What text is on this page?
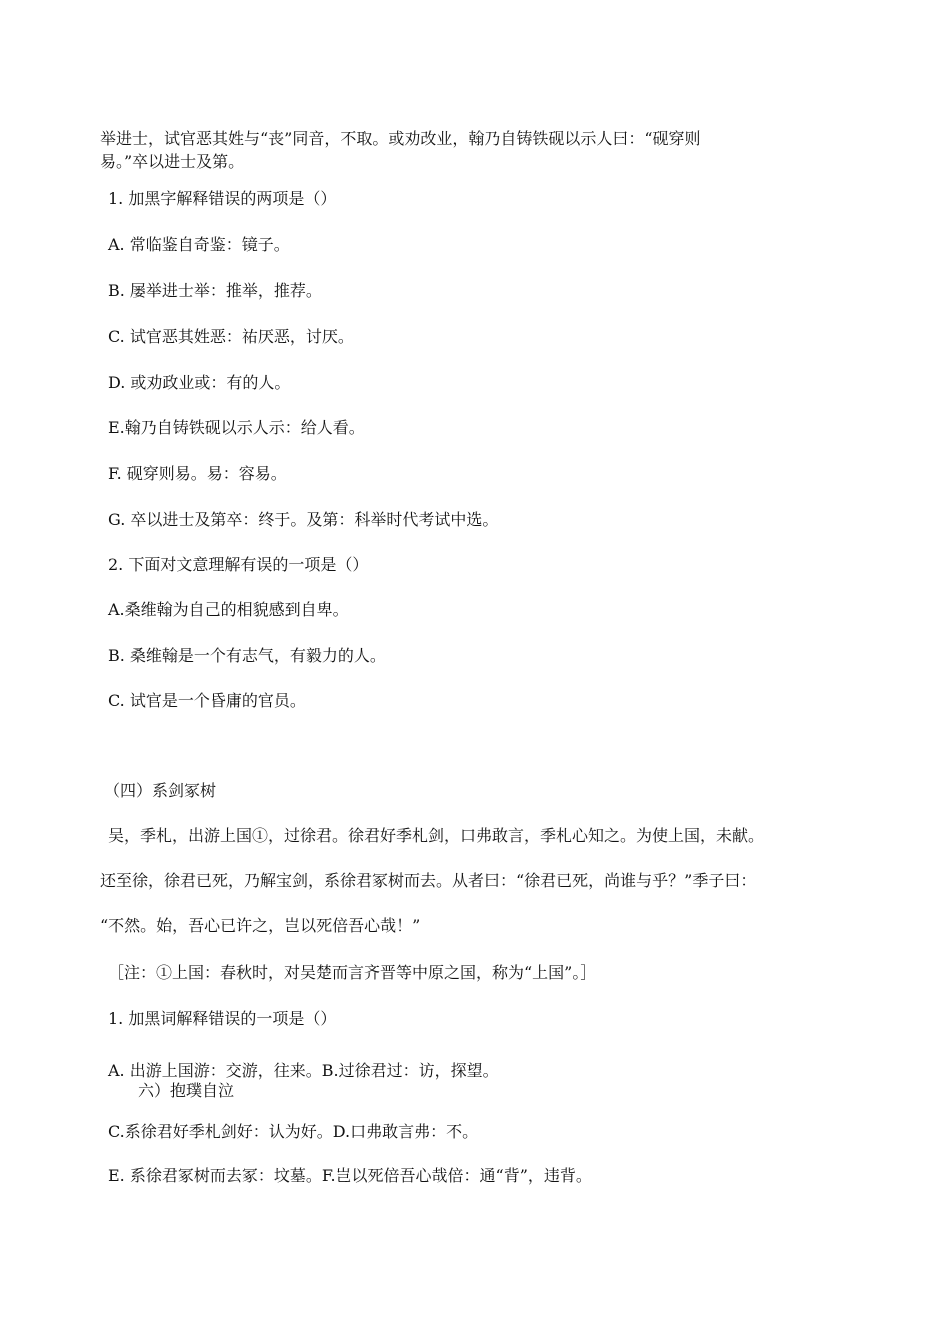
举进士，试官恶其姓与“丧”同音，不取。或劝改业，翰乃自铸铁砚以示人曰：“砚穿则
易。”卒以进士及第。
1. 加黑字解释错误的两项是（）
A. 常临鉴自奇鉴：镜子。
B. 屡举进士举：推举，推荐。
C. 试官恶其姓恶：祐厌恶，讨厌。
D. 或劝政业或：有的人。
E.翰乃自铸铁砚以示人示：给人看。
F. 砚穿则易。易：容易。
G. 卒以进士及第卒：终于。及第：科举时代考试中选。
2. 下面对文意理解有误的一项是（）
A.桑维翰为自己的相貌感到自卑。
B. 桑维翰是一个有志气，有毅力的人。
C. 试官是一个昏庸的官员。
（四）系剑冢树
吴，季札，出游上国①，过徐君。徐君好季札剑，口弗敢言，季札心知之。为使上国，未献。
还至徐，徐君已死，乃解宝剑，系徐君冢树而去。从者曰：“徐君已死，尚谁与乎？”季子曰：
“不然。始，吾心已许之，岂以死倍吾心哉！”
［注：①上国：春秋时，对吴楚而言齐晋等中原之国，称为“上国”。］
1. 加黑词解释错误的一项是（）
A. 出游上国游：交游，往来。B.过徐君过：访，探望。
六）抱璞自泣
C.系徐君好季札剑好：认为好。D.口弗敢言弗：不。
E. 系徐君冢树而去冢：坟墓。F.岂以死倍吾心哉倍：通“背”，违背。
